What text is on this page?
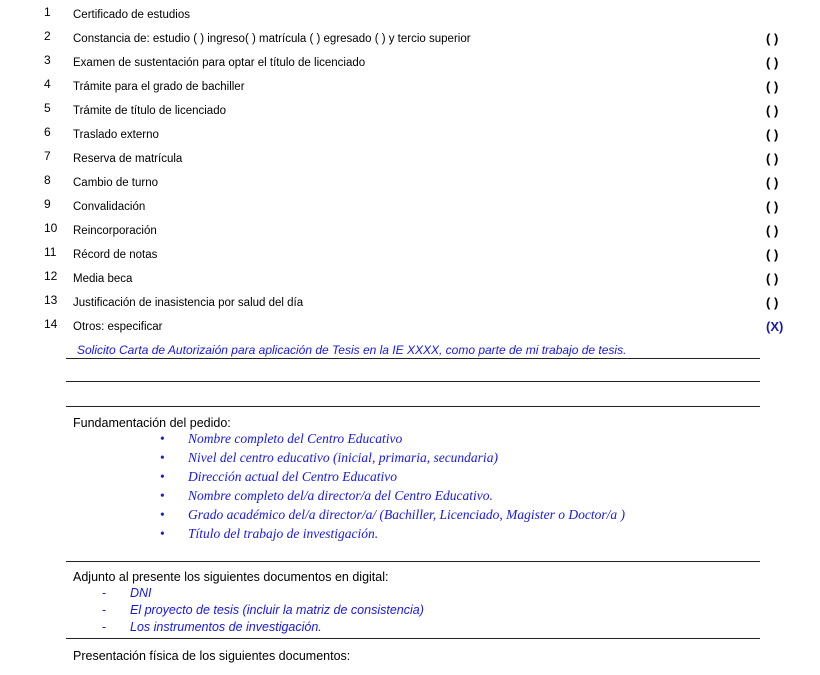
1 Certificado de estudios
2 Constancia de: estudio ( ) ingreso( ) matrícula ( ) egresado ( ) y tercio superior	( )
3 Examen de sustentación para optar el título de licenciado	( )
4 Trámite para el grado de bachiller	( )
5 Trámite de título de licenciado	( )
6 Traslado externo	( )
7 Reserva de matrícula	( )
8 Cambio de turno	( )
9 Convalidación	( )
10 Reincorporación	( )
11 Récord de notas	( )
12 Media beca	( )
13 Justificación de inasistencia por salud del día	( )
14 Otros: especificar	(X)
Solicito Carta de Autorizaión para aplicación de Tesis en la IE XXXX, como parte de mi trabajo de tesis.
Fundamentación del pedido:
• Nombre completo del Centro Educativo
• Nivel del centro educativo (inicial, primaria, secundaria)
• Dirección actual del Centro Educativo
• Nombre completo del/a director/a del Centro Educativo.
• Grado académico del/a director/a/ (Bachiller, Licenciado, Magister o Doctor/a )
• Título del trabajo de investigación.
Adjunto al presente los siguientes documentos en digital:
- DNI
- El proyecto de tesis (incluir la matriz de consistencia)
- Los instrumentos de investigación.
Presentación física de los siguientes documentos:
